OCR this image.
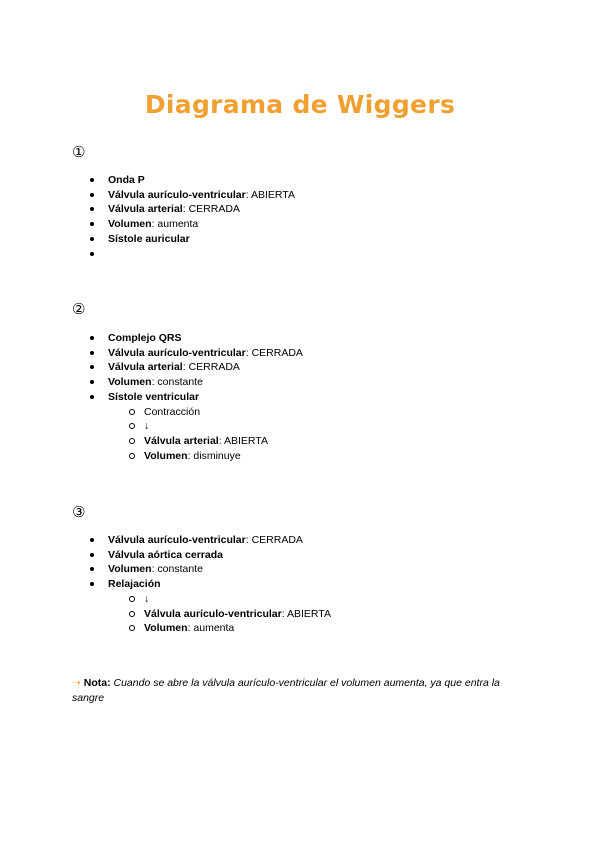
Diagrama de Wiggers
①
Onda P
Válvula aurículo-ventricular: ABIERTA
Válvula arterial: CERRADA
Volumen: aumenta
Sístole auricular
②
Complejo QRS
Válvula aurículo-ventricular: CERRADA
Válvula arterial: CERRADA
Volumen: constante
Sístole ventricular
Contracción
↓
Válvula arterial: ABIERTA
Volumen: disminuye
③
Válvula aurículo-ventricular: CERRADA
Válvula aórtica cerrada
Volumen: constante
Relajación
↓
Válvula aurículo-ventricular: ABIERTA
Volumen: aumenta
➝ Nota: Cuando se abre la válvula aurículo-ventricular el volumen aumenta, ya que entra la sangre
